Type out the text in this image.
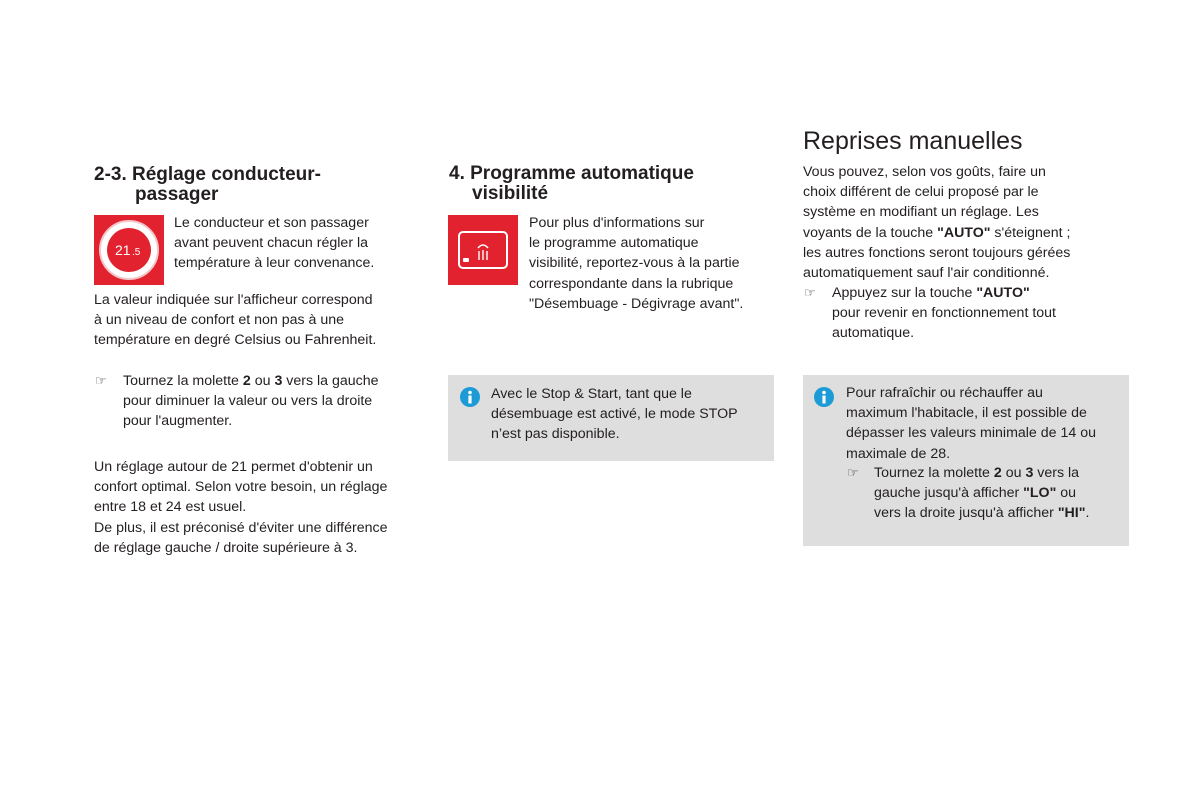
2-3. Réglage conducteur-
passager
21 .5

Le conducteur et son passager

avant peuvent chacun régler la

température à leur convenance.

La valeur indiquée sur l'afficheur correspond

à un niveau de confort et non pas à une

température en degré Celsius ou Fahrenheit.

☞ Tournez la molette 2 ou 3 vers la gauche

pour diminuer la valeur ou vers la droite

pour l'augmenter.

Un réglage autour de 21 permet d'obtenir un

confort optimal. Selon votre besoin, un réglage

entre 18 et 24 est usuel.

De plus, il est préconisé d'éviter une différence

de réglage gauche / droite supérieure à 3.

4. Programme automatique
visibilité

Pour plus d'informations sur

le programme automatique

visibilité, reportez-vous à la partie

correspondante dans la rubrique

"Désembuage - Dégivrage avant".

Avec le Stop & Start, tant que le

désembuage est activé, le mode STOP

n’est pas disponible.

Reprises manuelles

Vous pouvez, selon vos goûts, faire un

choix différent de celui proposé par le

système en modifiant un réglage. Les

voyants de la touche "AUTO" s'éteignent ;

les autres fonctions seront toujours gérées

automatiquement sauf l'air conditionné.

☞ Appuyez sur la touche "AUTO"

pour revenir en fonctionnement tout

automatique.

Pour rafraîchir ou réchauffer au

maximum l'habitacle, il est possible de

dépasser les valeurs minimale de 14 ou

maximale de 28.

☞ Tournez la molette 2 ou 3 vers la

gauche jusqu'à afficher "LO" ou

vers la droite jusqu'à afficher "HI".
